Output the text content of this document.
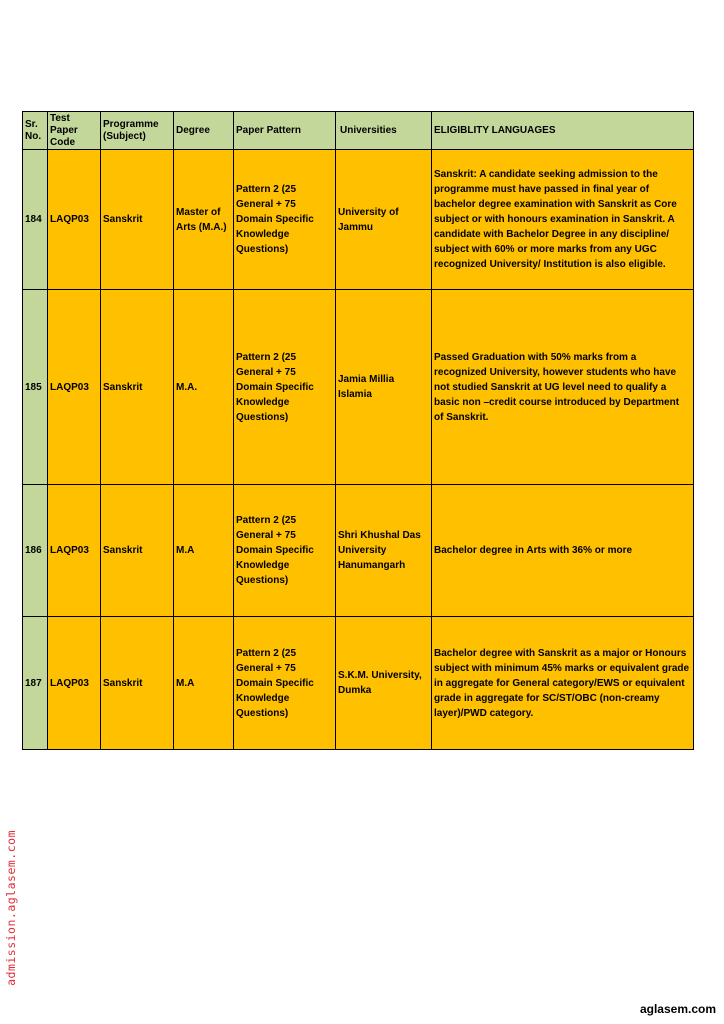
Sr. No.	Test Paper Code	Programme (Subject)	Degree	Paper Pattern	Universities	ELIGIBLITY LANGUAGES
184	LAQP03	Sanskrit	Master of Arts (M.A.)	Pattern 2 (25 General + 75 Domain Specific Knowledge Questions)	University of Jammu	Sanskrit: A candidate seeking admission to the programme must have passed in final year of bachelor degree examination with Sanskrit as Core subject or with honours examination in Sanskrit. A candidate with Bachelor Degree in any discipline/ subject with 60% or more marks from any UGC recognized University/ Institution is also eligible.
185	LAQP03	Sanskrit	M.A.	Pattern 2 (25 General + 75 Domain Specific Knowledge Questions)	Jamia Millia Islamia	Passed Graduation with 50% marks from a recognized University, however students who have not studied Sanskrit at UG level need to qualify a basic non –credit course introduced by Department of Sanskrit.
186	LAQP03	Sanskrit	M.A	Pattern 2 (25 General + 75 Domain Specific Knowledge Questions)	Shri Khushal Das University Hanumangarh	Bachelor degree in Arts with 36% or more
187	LAQP03	Sanskrit	M.A	Pattern 2 (25 General + 75 Domain Specific Knowledge Questions)	S.K.M. University, Dumka	Bachelor degree with Sanskrit as a major or Honours subject with minimum 45% marks or equivalent grade in aggregate for General category/EWS or equivalent grade in aggregate for SC/ST/OBC (non-creamy layer)/PWD category.
admission.aglasem.com
aglasem.com
